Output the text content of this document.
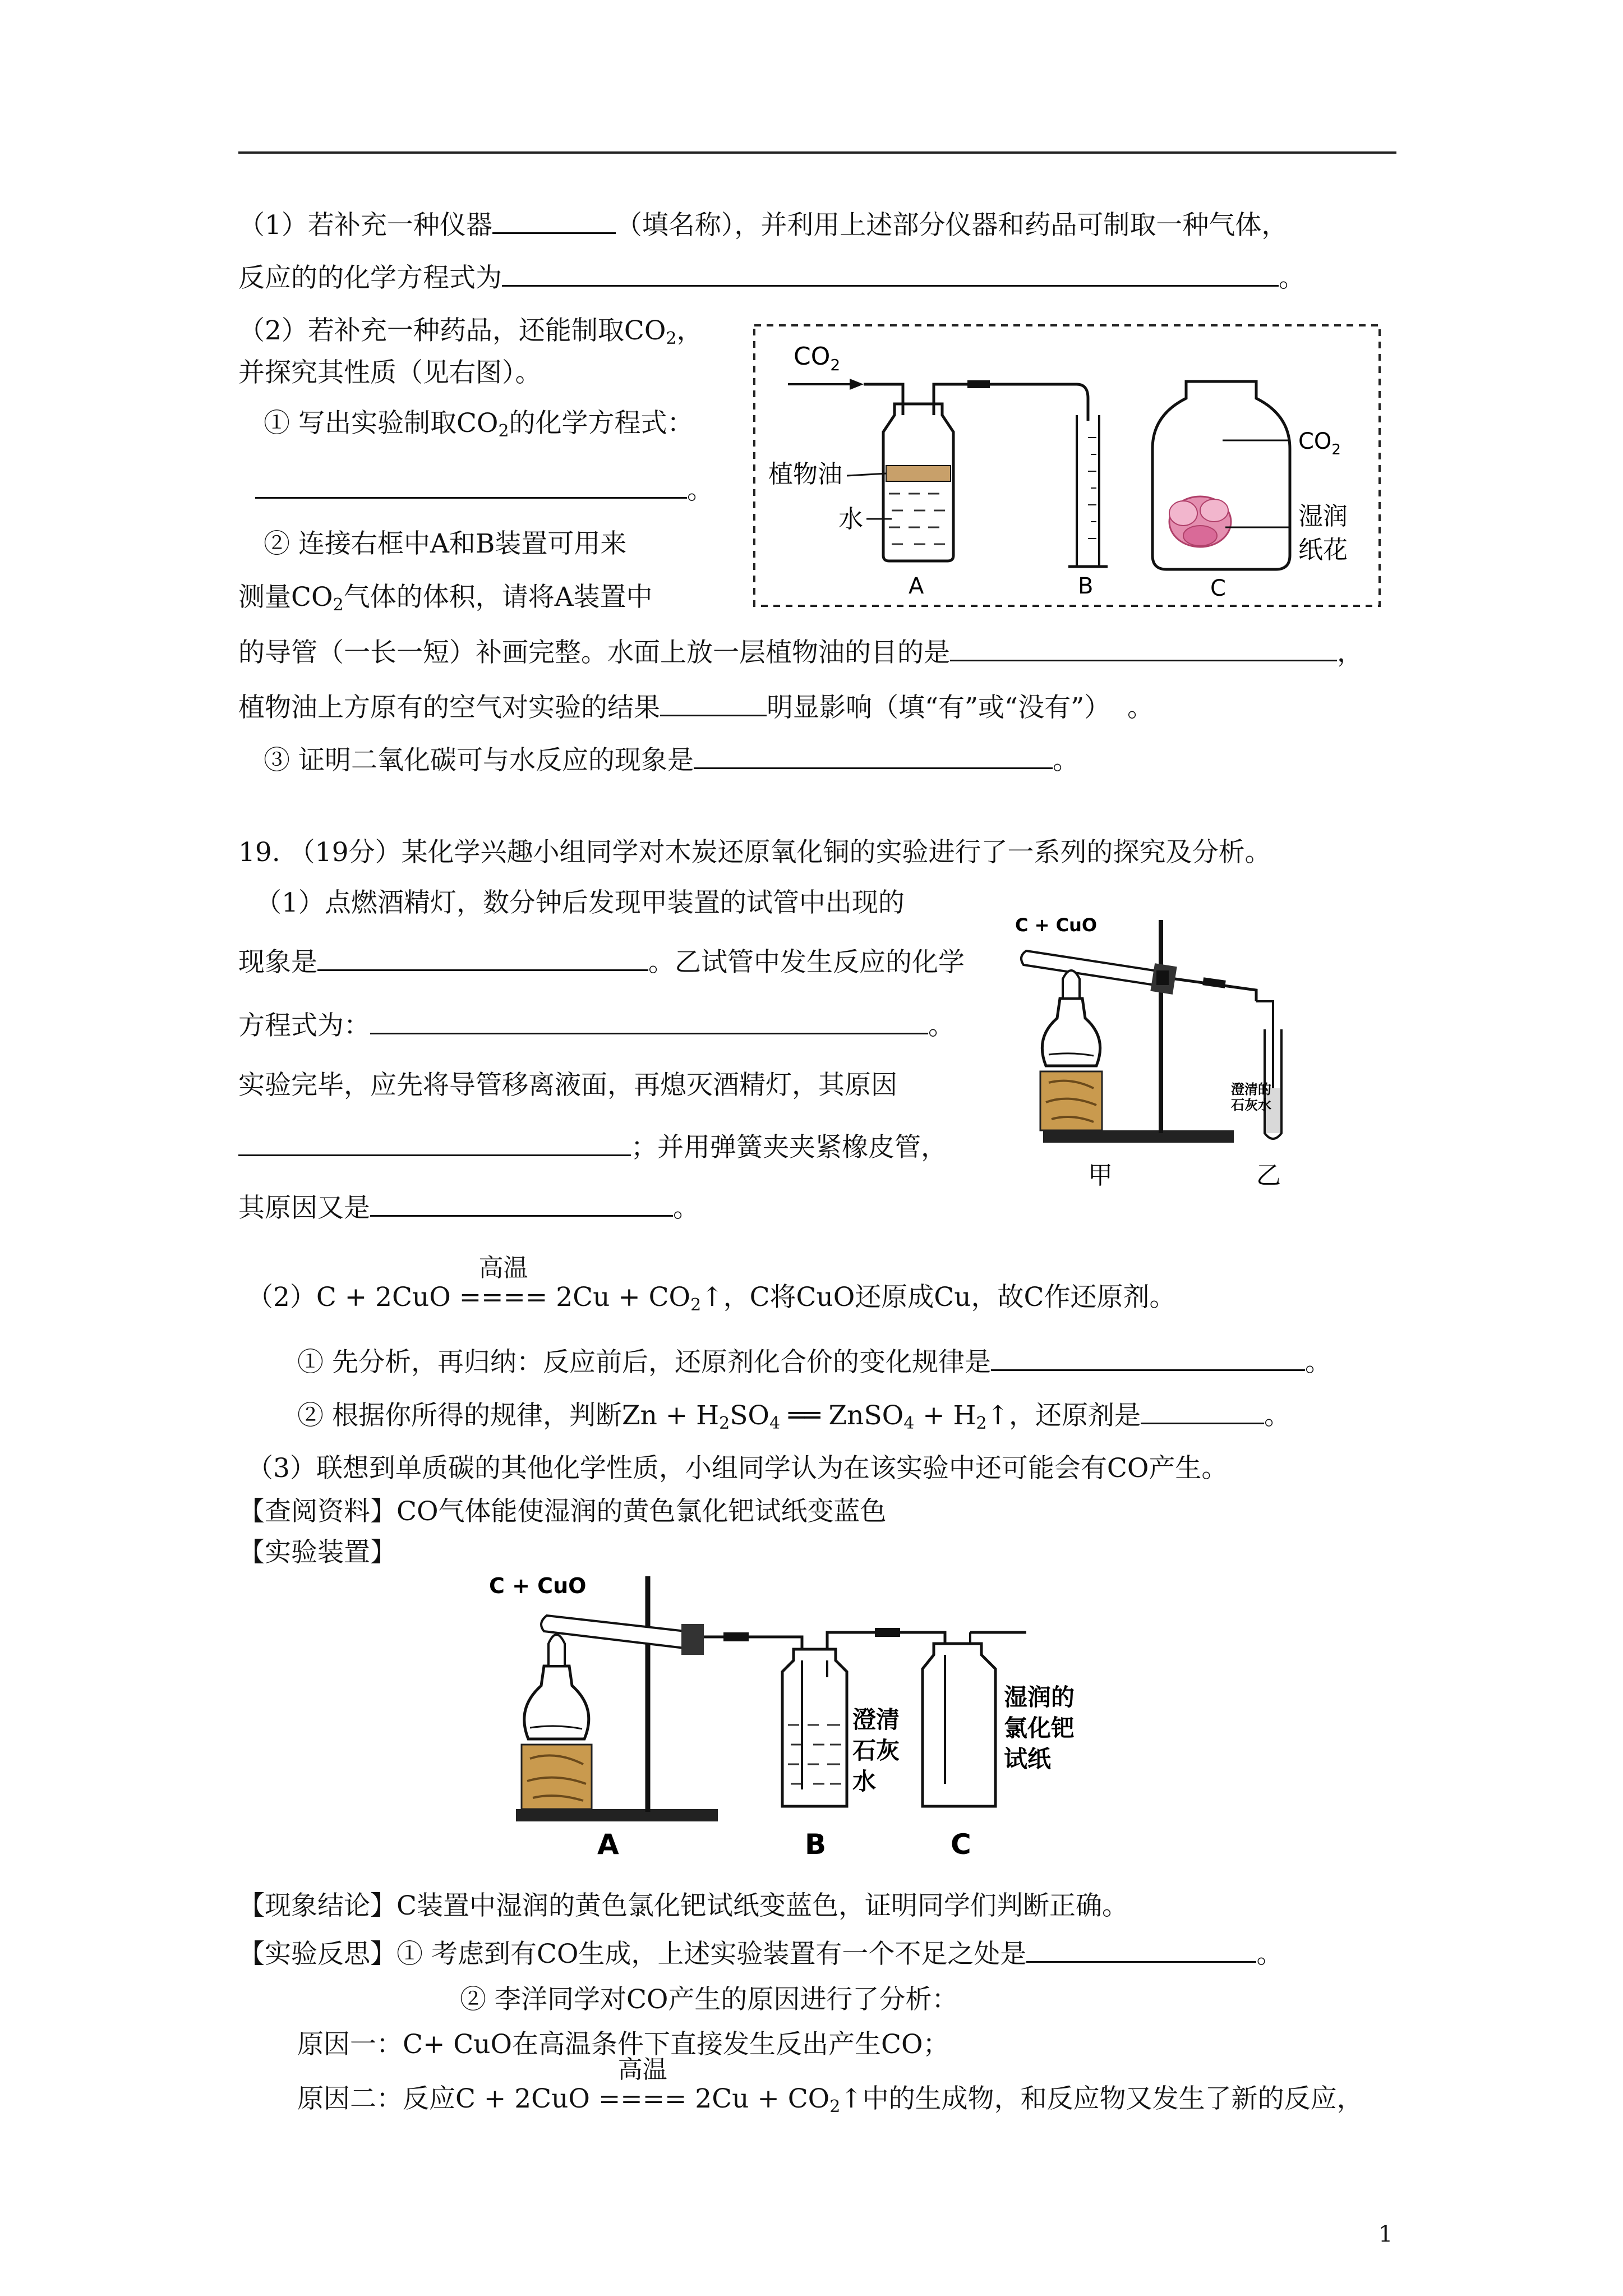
（1）若补充一种仪器	（填名称），并利用上述部分仪器和药品可制取一种气体，
反应的的化学方程式为	。
（2）若补充一种药品，还能制取$CO_2$，
并探究其性质（见右图）。
① 写出实验制取$CO_2$的化学方程式：
。
② 连接右框中A和B装置可用来
测量$CO_2$气体的体积，请将A装置中
的导管（一长一短）补画完整。水面上放一层植物油的目的是	，
植物油上方原有的空气对实验的结果	明显影响（填“有”或“没有”）  。
③ 证明二氧化碳可与水反应的现象是	。
$CO_2$
植物油
水
A	B
$CO_2$
湿润
纸花
C
19. （19分）某化学兴趣小组同学对木炭还原氧化铜的实验进行了一系列的探究及分析。
（1）点燃酒精灯，数分钟后发现甲装置的试管中出现的
现象是	。乙试管中发生反应的化学
方程式为：	。
实验完毕，应先将导管移离液面，再熄灭酒精灯，其原因
；并用弹簧夹夹紧橡皮管，
其原因又是	。
C + CuO
澄清的
石灰水
甲	乙
（2）C + 2CuO
高温
==== $2Cu + CO_2↑$，C将CuO还原成Cu，故C作还原剂。
① 先分析，再归纳：反应前后，还原剂化合价的变化规律是	。
② 根据你所得的规律，判断$Zn + H_2SO_4$ ══ ZnSO$_4$ + $H_2↑$，还原剂是	。
（3）联想到单质碳的其他化学性质，小组同学认为在该实验中还可能会有CO产生。
【查阅资料】CO气体能使湿润的黄色氯化钯试纸变蓝色
【实验装置】
C + CuO
澄清
石灰
水
湿润的
氯化钯
试纸
A	B	C
【现象结论】C装置中湿润的黄色氯化钯试纸变蓝色，证明同学们判断正确。
【实验反思】① 考虑到有CO生成，上述实验装置有一个不足之处是	。
② 李洋同学对CO产生的原因进行了分析：
原因一：C+ CuO在高温条件下直接发生反出产生CO；
原因二：反应C + 2CuO
高温
==== $2Cu + CO_2↑$中的生成物，和反应物又发生了新的反应，
1
